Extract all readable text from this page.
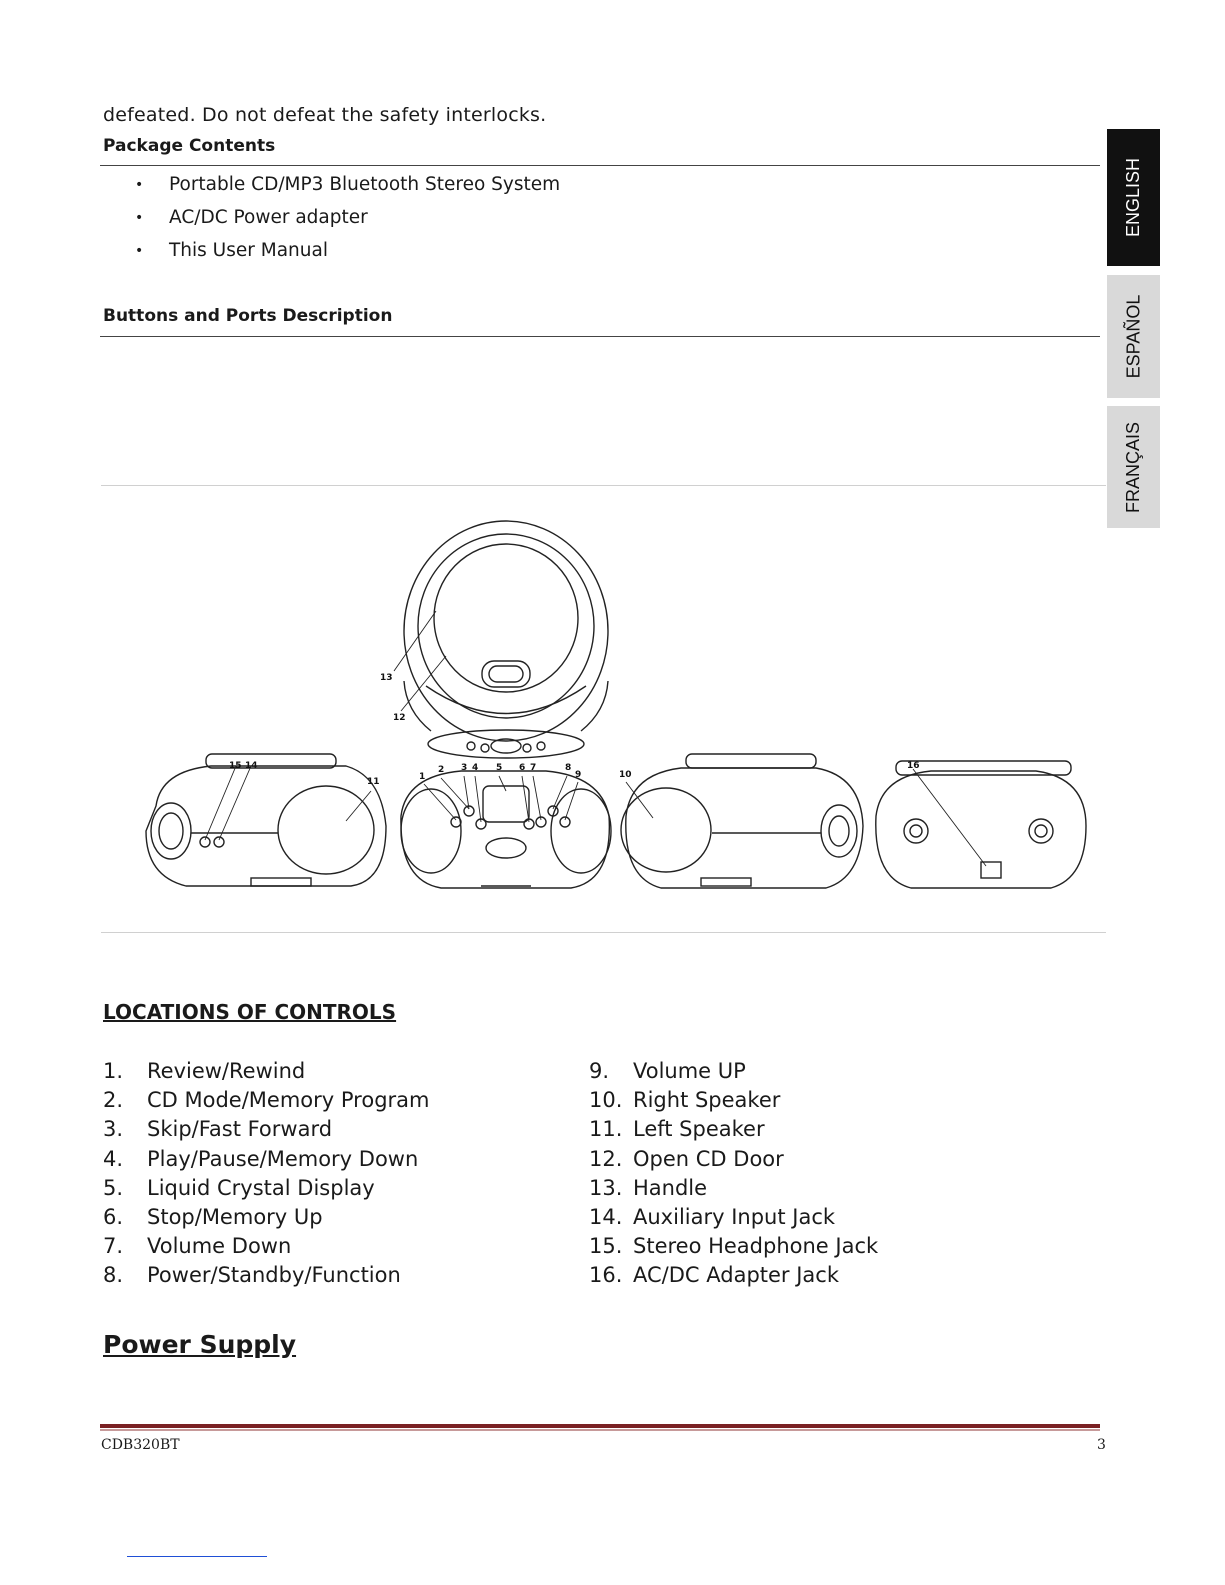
defeated. Do not defeat the safety interlocks.
Package Contents
•	Portable CD/MP3 Bluetooth Stereo System
•	AC/DC Power adapter
•	This User Manual
Buttons and Ports Description
ENGLISH
ESPAÑOL
FRANÇAIS
13
12
15 14
11	1
2 3 4 5 6 7	8
9	10
16
LOCATIONS OF CONTROLS
1.	Review/Rewind
2.	CD Mode/Memory Program
3.	Skip/Fast Forward
4.	Play/Pause/Memory Down
5.	Liquid Crystal Display
6.	Stop/Memory Up
7.	Volume Down
8.	Power/Standby/Function
9.	Volume UP
10. Right Speaker
11. Left Speaker
12. Open CD Door
13. Handle
14. Auxiliary Input Jack
15. Stereo Headphone Jack
16. AC/DC Adapter Jack
Power Supply
CDB320BT	3
